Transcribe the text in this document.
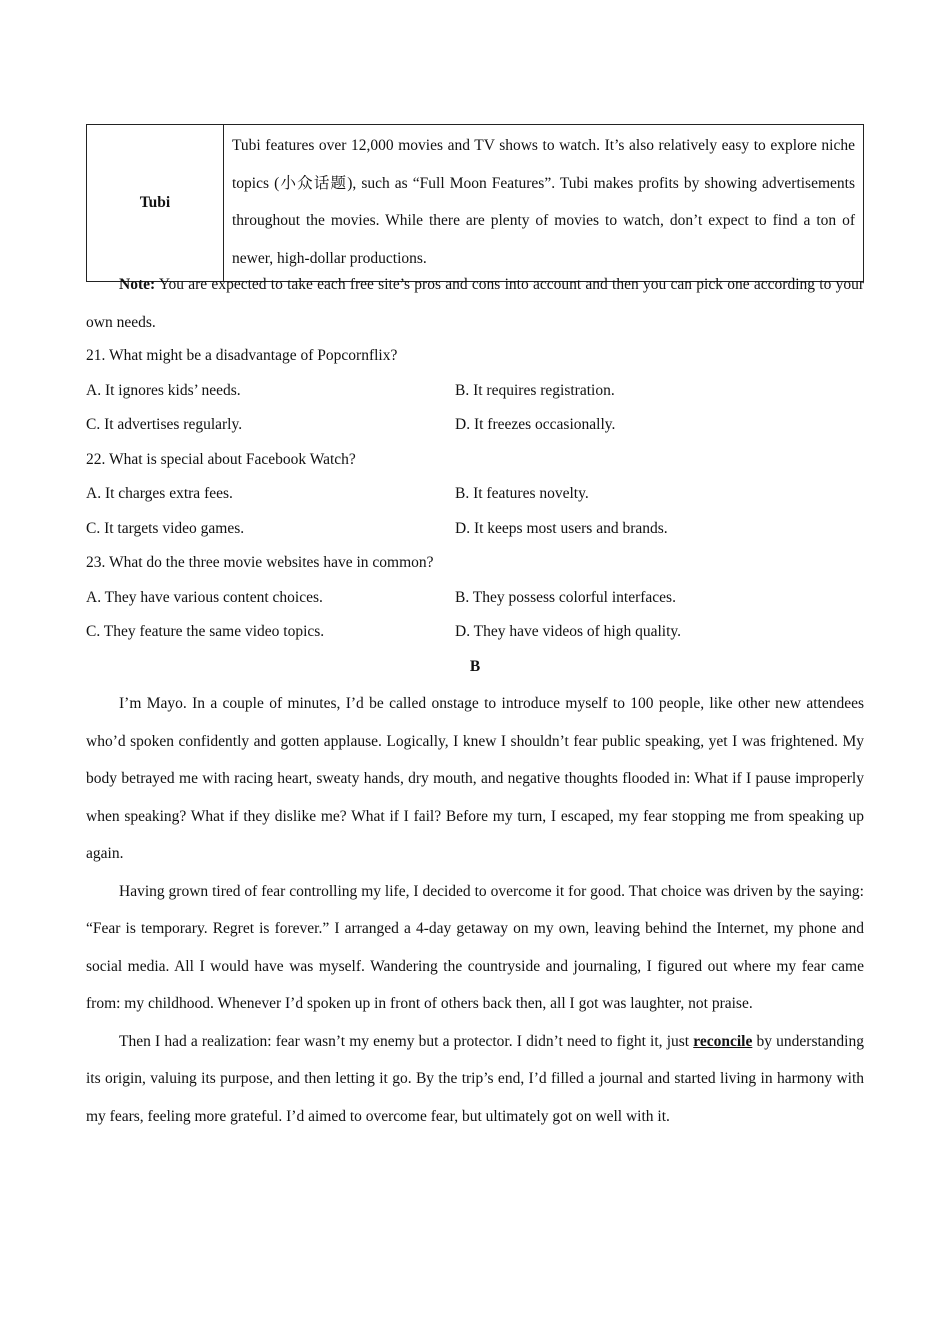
Tubi	Tubi features over 12,000 movies and TV shows to watch. It’s also relatively easy to explore niche topics (小众话题), such as “Full Moon Features”. Tubi makes profits by showing advertisements throughout the movies. While there are plenty of movies to watch, don’t expect to find a ton of newer, high-dollar productions.

Note: You are expected to take each free site’s pros and cons into account and then you can pick one according to your own needs.

21. What might be a disadvantage of Popcornflix?

A. It ignores kids’ needs.	B. It requires registration.
C. It advertises regularly.	D. It freezes occasionally.

22. What is special about Facebook Watch?

A. It charges extra fees.	B. It features novelty.
C. It targets video games.	D. It keeps most users and brands.

23. What do the three movie websites have in common?

A. They have various content choices.	B. They possess colorful interfaces.
C. They feature the same video topics.	D. They have videos of high quality.
B

I’m Mayo. In a couple of minutes, I’d be called onstage to introduce myself to 100 people, like other new attendees who’d spoken confidently and gotten applause. Logically, I knew I shouldn’t fear public speaking, yet I was frightened. My body betrayed me with racing heart, sweaty hands, dry mouth, and negative thoughts flooded in: What if I pause improperly when speaking? What if they dislike me? What if I fail? Before my turn, I escaped, my fear stopping me from speaking up again.

Having grown tired of fear controlling my life, I decided to overcome it for good. That choice was driven by the saying: “Fear is temporary. Regret is forever.” I arranged a 4-day getaway on my own, leaving behind the Internet, my phone and social media. All I would have was myself. Wandering the countryside and journaling, I figured out where my fear came from: my childhood. Whenever I’d spoken up in front of others back then, all I got was laughter, not praise.

Then I had a realization: fear wasn’t my enemy but a protector. I didn’t need to fight it, just reconcile by understanding its origin, valuing its purpose, and then letting it go. By the trip’s end, I’d filled a journal and started living in harmony with my fears, feeling more grateful. I’d aimed to overcome fear, but ultimately got on well with it.
